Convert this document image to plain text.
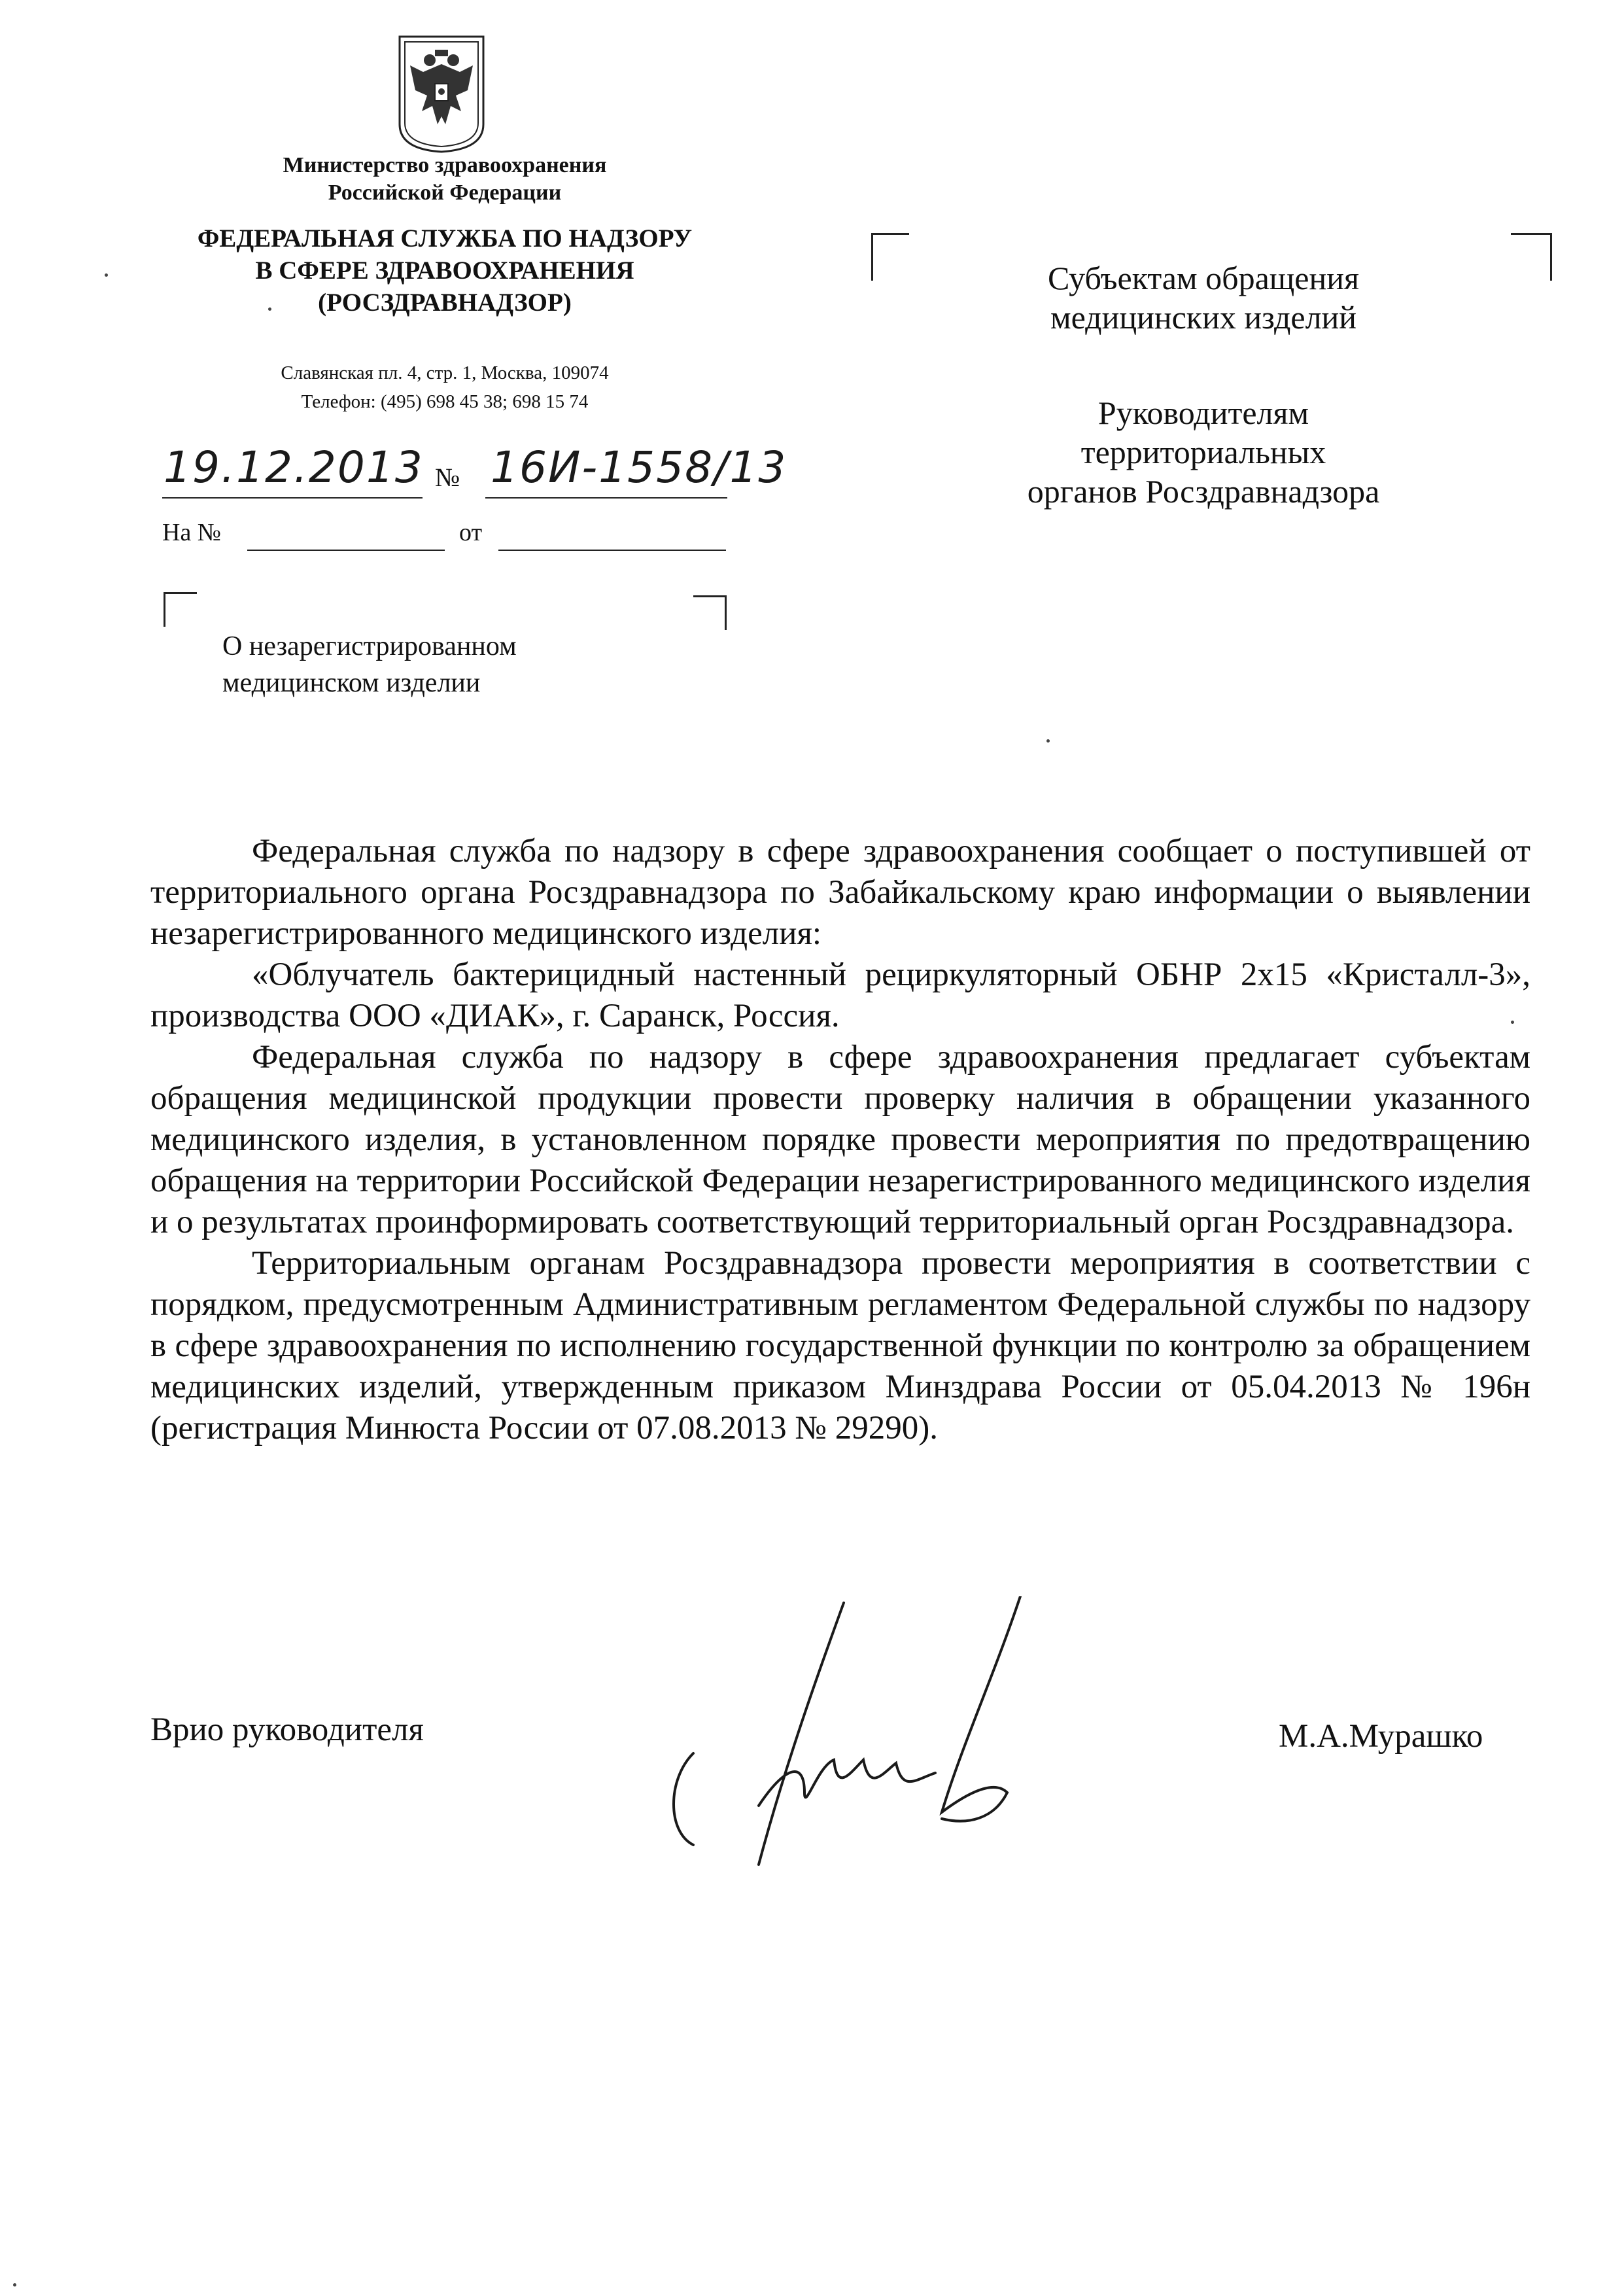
Министерство здравоохранения
Российской Федерации
ФЕДЕРАЛЬНАЯ СЛУЖБА ПО НАДЗОРУ
В СФЕРЕ ЗДРАВООХРАНЕНИЯ
(РОСЗДРАВНАДЗОР)
Славянская пл. 4, стр. 1, Москва, 109074
Телефон: (495) 698 45 38; 698 15 74
19.12.2013 № 16И-1558/13
На №	от
О незарегистрированном
медицинском изделии

Субъектам обращения

медицинских изделий

Руководителям

территориальных

органов Росздравнадзора

Федеральная служба по надзору в сфере здравоохранения сообщает о поступившей от территориального органа Росздравнадзора по Забайкальскому краю информации о выявлении незарегистрированного медицинского изделия:

«Облучатель бактерицидный настенный рециркуляторный ОБНР 2х15 «Кристалл-3», производства ООО «ДИАК», г. Саранск, Россия.

Федеральная служба по надзору в сфере здравоохранения предлагает субъектам обращения медицинской продукции провести проверку наличия в обращении указанного медицинского изделия, в установленном порядке провести мероприятия по предотвращению обращения на территории Российской Федерации незарегистрированного медицинского изделия и о результатах проинформировать соответствующий территориальный орган Росздравнадзора.

Территориальным органам Росздравнадзора провести мероприятия в соответствии с порядком, предусмотренным Административным регламентом Федеральной службы по надзору в сфере здравоохранения по исполнению государственной функции по контролю за обращением медицинских изделий, утвержденным приказом Минздрава России от 05.04.2013 № 196н (регистрация Минюста России от 07.08.2013 № 29290).

Врио руководителя	М.А.Мурашко
